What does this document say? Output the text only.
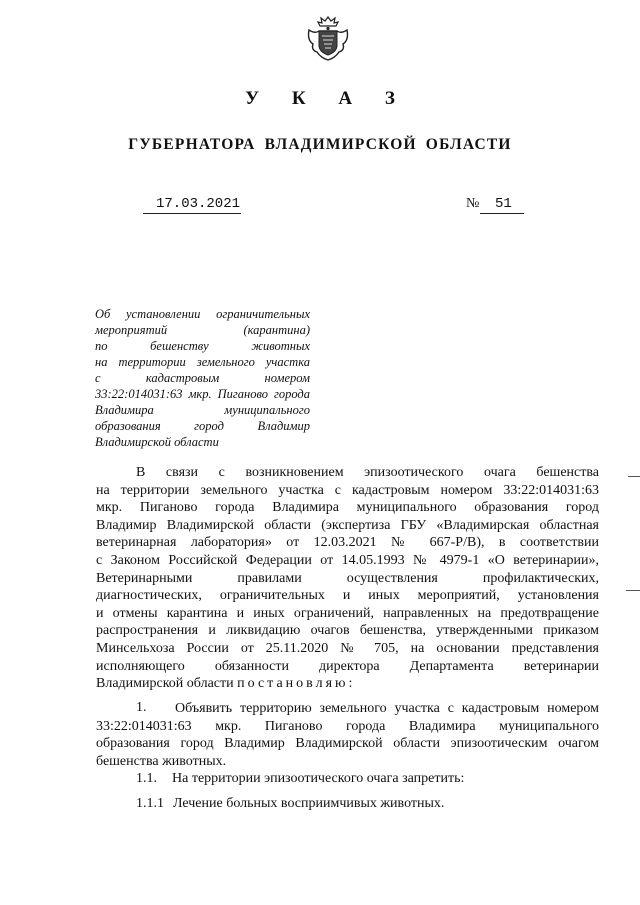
У К А З
ГУБЕРНАТОРА ВЛАДИМИРСКОЙ ОБЛАСТИ
17.03.2021	№ 51
Об установлении ограничительных
мероприятий (карантина)
по бешенству животных
на территории земельного участка
с кадастровым номером
33:22:014031:63 мкр. Пиганово города
Владимира муниципального
образования город Владимир
Владимирской области
В связи с возникновением эпизоотического очага бешенства
на территории земельного участка с кадастровым номером 33:22:014031:63
мкр. Пиганово города Владимира муниципального образования город
Владимир Владимирской области (экспертиза ГБУ «Владимирская областная
ветеринарная лаборатория» от 12.03.2021 № 667-Р/В), в соответствии
с Законом Российской Федерации от 14.05.1993 № 4979-1 «О ветеринарии»,
Ветеринарными правилами осуществления профилактических,
диагностических, ограничительных и иных мероприятий, установления
и отмены карантина и иных ограничений, направленных на предотвращение
распространения и ликвидацию очагов бешенства, утвержденными приказом
Минсельхоза России от 25.11.2020 № 705, на основании представления
исполняющего обязанности директора Департамента ветеринарии
Владимирской области постановляю:
1.	Объявить территорию земельного участка с кадастровым номером
33:22:014031:63 мкр. Пиганово города Владимира муниципального
образования город Владимир Владимирской области эпизоотическим очагом
бешенства животных.
1.1. На территории эпизоотического очага запретить:
1.1.1 Лечение больных восприимчивых животных.
